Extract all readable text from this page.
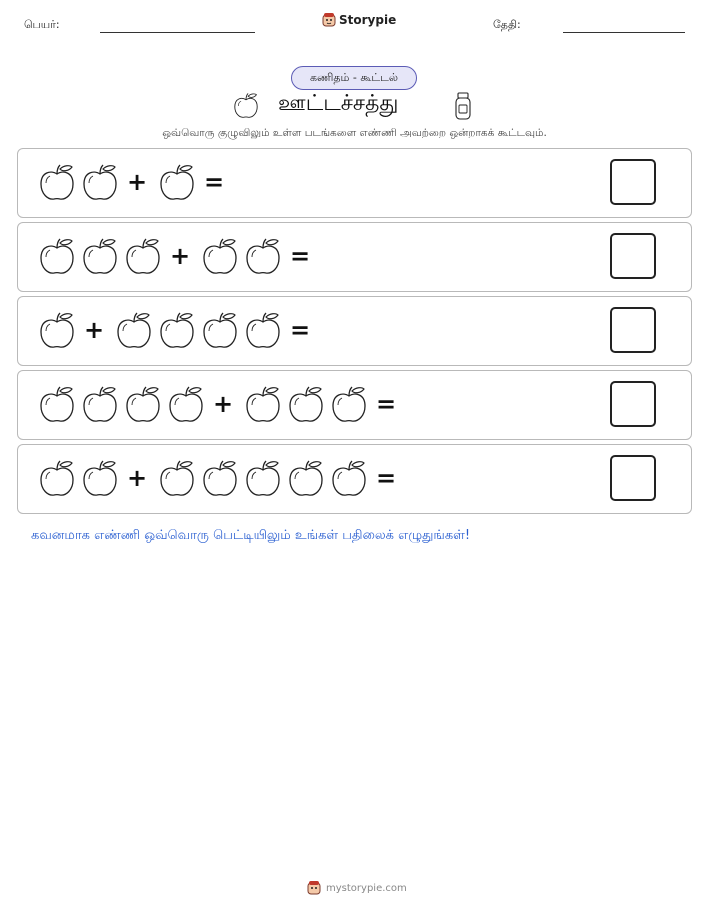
பெயர்:	Storypie	தேதி:
கணிதம் - கூட்டல்
ஊட்டச்சத்து
ஒவ்வொரு குழுவிலும் உள்ள படங்களை எண்ணி அவற்றை ஒன்றாகக் கூட்டவும்.
+ =
+	=
+	=
+	=
+	=
கவனமாக எண்ணி ஒவ்வொரு பெட்டியிலும் உங்கள் பதிலைக் எழுதுங்கள்!
mystorypie.com
